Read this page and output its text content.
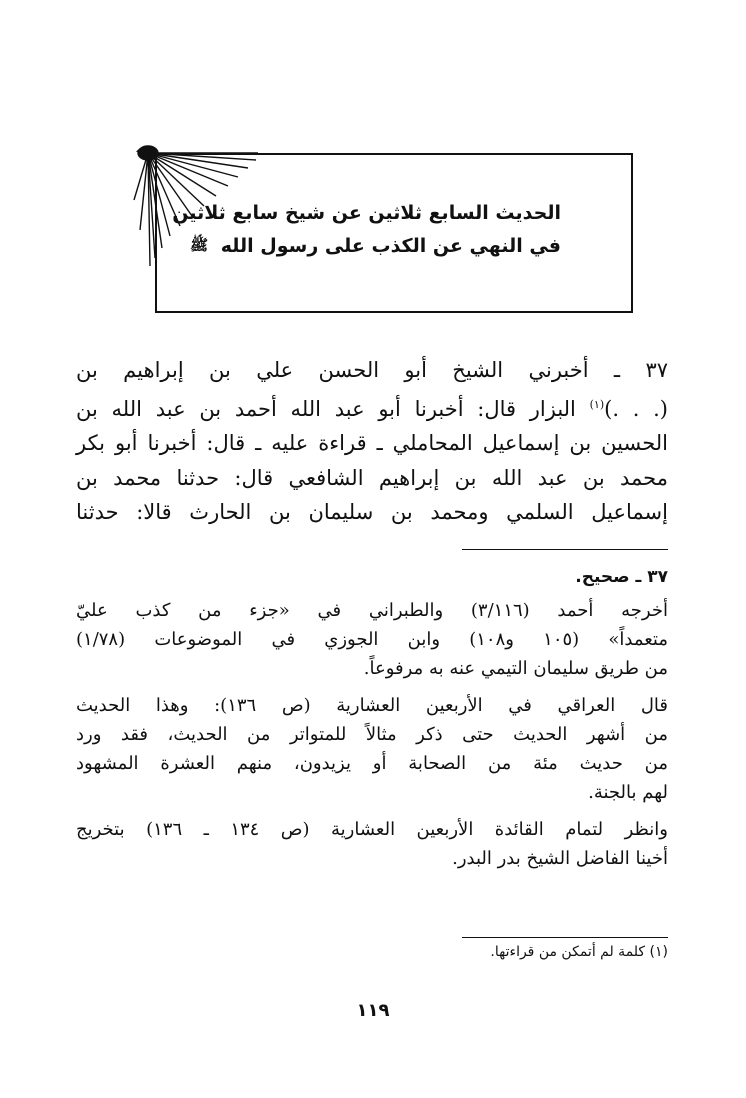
الحديث السابع ثلاثين عن شيخ سابع ثلاثين
في النهي عن الكذب على رسول الله ﷺ
٣٧ ـ أخبرني الشيخ أبو الحسن علي بن إبراهيم بن
(. . .)$^{(١)}$ البزار قال: أخبرنا أبو عبد الله أحمد بن عبد الله بن
الحسين بن إسماعيل المحاملي ـ قراءة عليه ـ قال: أخبرنا أبو بكر
محمد بن عبد الله بن إبراهيم الشافعي قال: حدثنا محمد بن
إسماعيل السلمي ومحمد بن سليمان بن الحارث قالا: حدثنا
٣٧ ـ صحيح.
أخرجه أحمد (٣/١١٦) والطبراني في «جزء من كذب عليّ
متعمداً» (١٠٥ و١٠٨) وابن الجوزي في الموضوعات (١/٧٨)
من طريق سليمان التيمي عنه به مرفوعاً.
قال العراقي في الأربعين العشارية (ص ١٣٦): وهذا الحديث
من أشهر الحديث حتى ذكر مثالاً للمتواتر من الحديث، فقد ورد
من حديث مئة من الصحابة أو يزيدون، منهم العشرة المشهود
لهم بالجنة.
وانظر لتمام القائدة الأربعين العشارية (ص ١٣٤ ـ ١٣٦) بتخريج
أخينا الفاضل الشيخ بدر البدر.
(١) كلمة لم أتمكن من قراءتها.
١١٩
